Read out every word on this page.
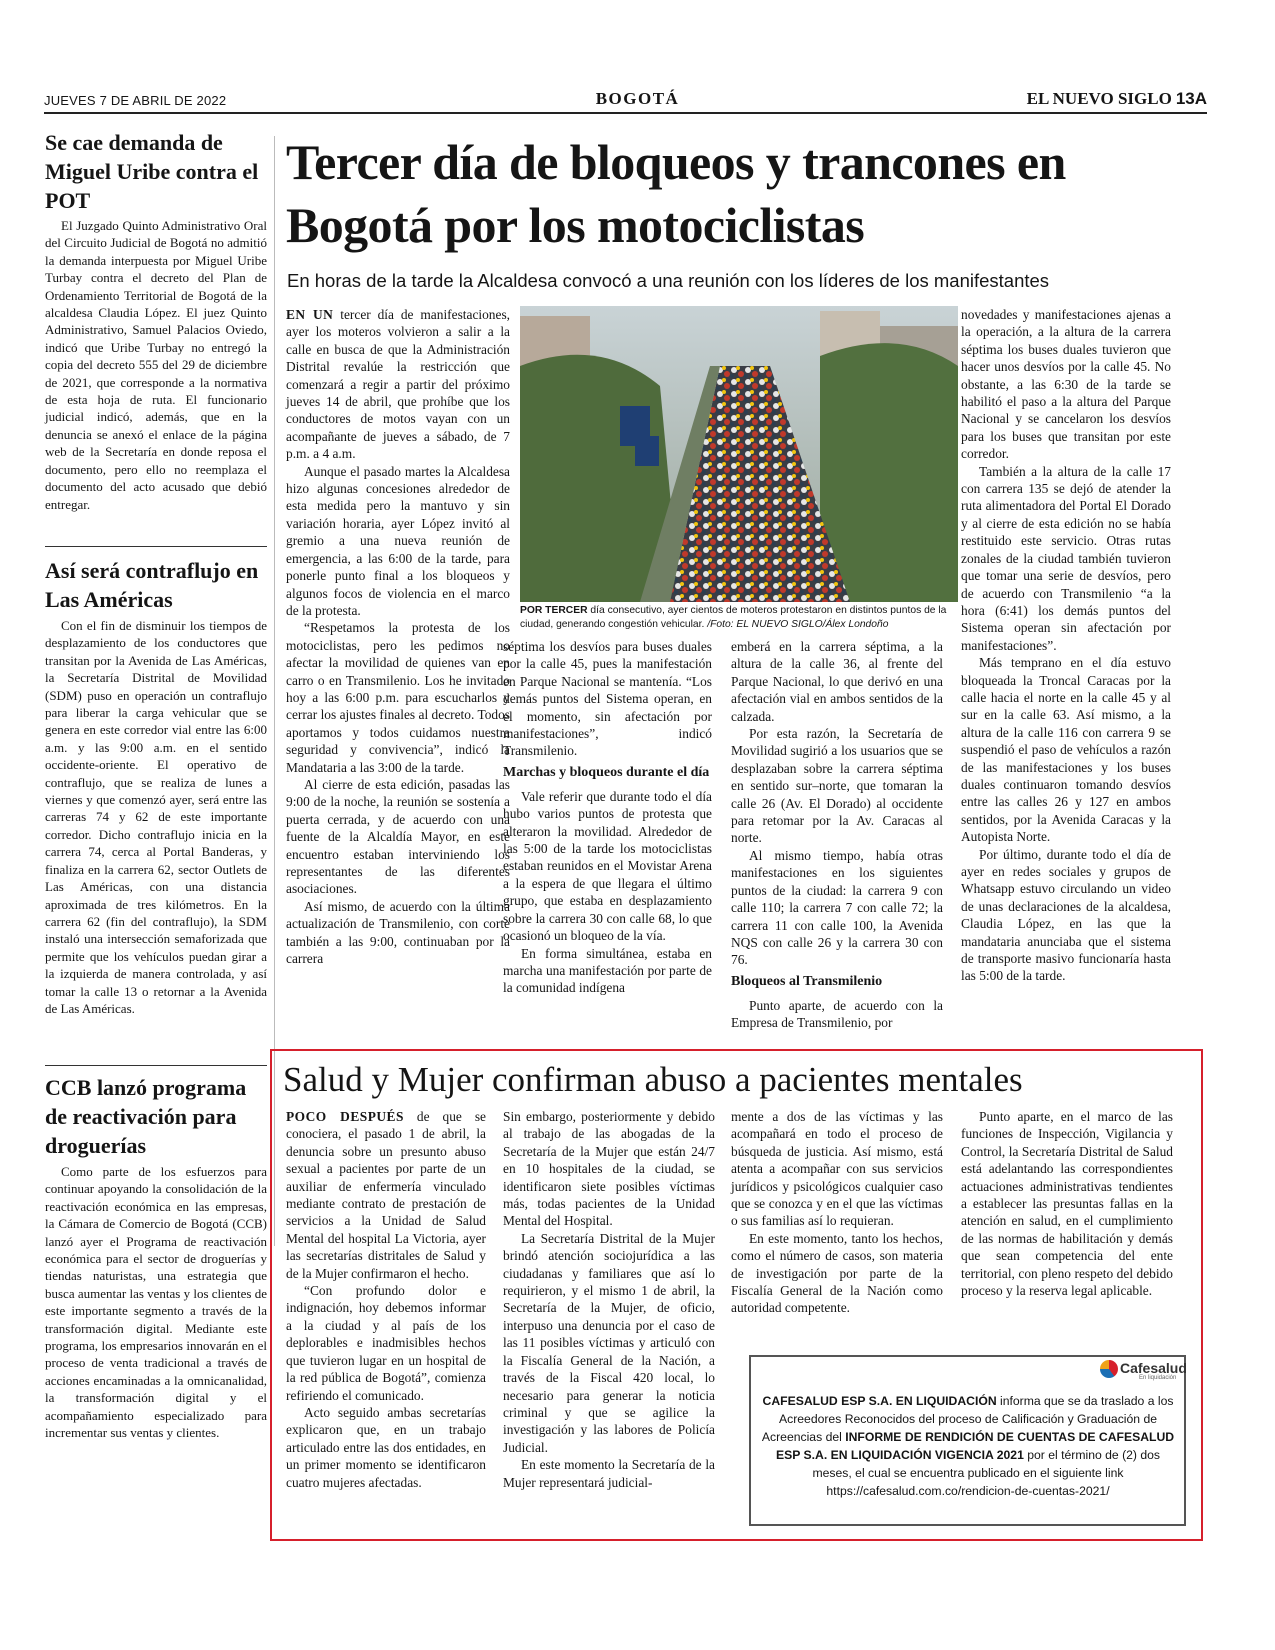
JUEVES 7 DE ABRIL DE 2022	BOGOTÁ	EL NUEVO SIGLO 13A
Se cae demanda de Miguel Uribe contra el POT

El Juzgado Quinto Administrativo Oral del Circuito Judicial de Bogotá no admitió la demanda interpuesta por Miguel Uribe Turbay contra el decreto del Plan de Ordenamiento Territorial de Bogotá de la alcaldesa Claudia López. El juez Quinto Administrativo, Samuel Palacios Oviedo, indicó que Uribe Turbay no entregó la copia del decreto 555 del 29 de diciembre de 2021, que corresponde a la normativa de esta hoja de ruta. El funcionario judicial indicó, además, que en la denuncia se anexó el enlace de la página web de la Secretaría en donde reposa el documento, pero ello no reemplaza el documento del acto acusado que debió entregar.

Así será contraflujo en Las Américas

Con el fin de disminuir los tiempos de desplazamiento de los conductores que transitan por la Avenida de Las Américas, la Secretaría Distrital de Movilidad (SDM) puso en operación un contraflujo para liberar la carga vehicular que se genera en este corredor vial entre las 6:00 a.m. y las 9:00 a.m. en el sentido occidente-oriente. El operativo de contraflujo, que se realiza de lunes a viernes y que comenzó ayer, será entre las carreras 74 y 62 de este importante corredor. Dicho contraflujo inicia en la carrera 74, cerca al Portal Banderas, y finaliza en la carrera 62, sector Outlets de Las Américas, con una distancia aproximada de tres kilómetros. En la carrera 62 (fin del contraflujo), la SDM instaló una intersección semaforizada que permite que los vehículos puedan girar a la izquierda de manera controlada, y así tomar la calle 13 o retornar a la Avenida de Las Américas.

CCB lanzó programa de reactivación para droguerías

Como parte de los esfuerzos para continuar apoyando la consolidación de la reactivación económica en las empresas, la Cámara de Comercio de Bogotá (CCB) lanzó ayer el Programa de reactivación económica para el sector de droguerías y tiendas naturistas, una estrategia que busca aumentar las ventas y los clientes de este importante segmento a través de la transformación digital. Mediante este programa, los empresarios innovarán en el proceso de venta tradicional a través de acciones encaminadas a la omnicanalidad, la transformación digital y el acompañamiento especializado para incrementar sus ventas y clientes.

Tercer día de bloqueos y trancones en Bogotá por los motociclistas
En horas de la tarde la Alcaldesa convocó a una reunión con los líderes de los manifestantes

EN UN tercer día de manifestaciones, ayer los moteros volvieron a salir a la calle en busca de que la Administración Distrital revalúe la restricción que comenzará a regir a partir del próximo jueves 14 de abril, que prohíbe que los conductores de motos vayan con un acompañante de jueves a sábado, de 7 p.m. a 4 a.m.

Aunque el pasado martes la Alcaldesa hizo algunas concesiones alrededor de esta medida pero la mantuvo y sin variación horaria, ayer López invitó al gremio a una nueva reunión de emergencia, a las 6:00 de la tarde, para ponerle punto final a los bloqueos y algunos focos de violencia en el marco de la protesta.

“Respetamos la protesta de los motociclistas, pero les pedimos no afectar la movilidad de quienes van en carro o en Transmilenio. Los he invitado hoy a las 6:00 p.m. para escucharlos y cerrar los ajustes finales al decreto. Todos aportamos y todos cuidamos nuestra seguridad y convivencia”, indicó la Mandataria a las 3:00 de la tarde.

Al cierre de esta edición, pasadas las 9:00 de la noche, la reunión se sostenía a puerta cerrada, y de acuerdo con una fuente de la Alcaldía Mayor, en este encuentro estaban interviniendo los representantes de las diferentes asociaciones.

Así mismo, de acuerdo con la última actualización de Transmilenio, con corte también a las 9:00, continuaban por la carrera

POR TERCER día consecutivo, ayer cientos de moteros protestaron en distintos puntos de la ciudad, generando congestión vehicular. /Foto: EL NUEVO SIGLO/Álex Londoño

séptima los desvíos para buses duales por la calle 45, pues la manifestación en Parque Nacional se mantenía. “Los demás puntos del Sistema operan, en el momento, sin afectación por manifestaciones”, indicó Transmilenio.

Marchas y bloqueos durante el día

Vale referir que durante todo el día hubo varios puntos de protesta que alteraron la movilidad. Alrededor de las 5:00 de la tarde los motociclistas estaban reunidos en el Movistar Arena a la espera de que llegara el último grupo, que estaba en desplazamiento sobre la carrera 30 con calle 68, lo que ocasionó un bloqueo de la vía.

En forma simultánea, estaba en marcha una manifestación por parte de la comunidad indígena

emberá en la carrera séptima, a la altura de la calle 36, al frente del Parque Nacional, lo que derivó en una afectación vial en ambos sentidos de la calzada.

Por esta razón, la Secretaría de Movilidad sugirió a los usuarios que se desplazaban sobre la carrera séptima en sentido sur–norte, que tomaran la calle 26 (Av. El Dorado) al occidente para retomar por la Av. Caracas al norte.

Al mismo tiempo, había otras manifestaciones en los siguientes puntos de la ciudad: la carrera 9 con calle 110; la carrera 7 con calle 72; la carrera 11 con calle 100, la Avenida NQS con calle 26 y la carrera 30 con 76.

Bloqueos al Transmilenio

Punto aparte, de acuerdo con la Empresa de Transmilenio, por

novedades y manifestaciones ajenas a la operación, a la altura de la carrera séptima los buses duales tuvieron que hacer unos desvíos por la calle 45. No obstante, a las 6:30 de la tarde se habilitó el paso a la altura del Parque Nacional y se cancelaron los desvíos para los buses que transitan por este corredor.

También a la altura de la calle 17 con carrera 135 se dejó de atender la ruta alimentadora del Portal El Dorado y al cierre de esta edición no se había restituido este servicio. Otras rutas zonales de la ciudad también tuvieron que tomar una serie de desvíos, pero de acuerdo con Transmilenio “a la hora (6:41) los demás puntos del Sistema operan sin afectación por manifestaciones”.

Más temprano en el día estuvo bloqueada la Troncal Caracas por la calle hacia el norte en la calle 45 y al sur en la calle 63. Así mismo, a la altura de la calle 116 con carrera 9 se suspendió el paso de vehículos a razón de las manifestaciones y los buses duales continuaron tomando desvíos entre las calles 26 y 127 en ambos sentidos, por la Avenida Caracas y la Autopista Norte.

Por último, durante todo el día de ayer en redes sociales y grupos de Whatsapp estuvo circulando un video de unas declaraciones de la alcaldesa, Claudia López, en las que la mandataria anunciaba que el sistema de transporte masivo funcionaría hasta las 5:00 de la tarde.

Salud y Mujer confirman abuso a pacientes mentales

POCO DESPUÉS de que se conociera, el pasado 1 de abril, la denuncia sobre un presunto abuso sexual a pacientes por parte de un auxiliar de enfermería vinculado mediante contrato de prestación de servicios a la Unidad de Salud Mental del hospital La Victoria, ayer las secretarías distritales de Salud y de la Mujer confirmaron el hecho.

“Con profundo dolor e indignación, hoy debemos informar a la ciudad y al país de los deplorables e inadmisibles hechos que tuvieron lugar en un hospital de la red pública de Bogotá”, comienza refiriendo el comunicado.

Acto seguido ambas secretarías explicaron que, en un trabajo articulado entre las dos entidades, en un primer momento se identificaron cuatro mujeres afectadas.

Sin embargo, posteriormente y debido al trabajo de las abogadas de la Secretaría de la Mujer que están 24/7 en 10 hospitales de la ciudad, se identificaron siete posibles víctimas más, todas pacientes de la Unidad Mental del Hospital.

La Secretaría Distrital de la Mujer brindó atención sociojurídica a las ciudadanas y familiares que así lo requirieron, y el mismo 1 de abril, la Secretaría de la Mujer, de oficio, interpuso una denuncia por el caso de las 11 posibles víctimas y articuló con la Fiscalía General de la Nación, a través de la Fiscal 420 local, lo necesario para generar la noticia criminal y que se agilice la investigación y las labores de Policía Judicial.

En este momento la Secretaría de la Mujer representará judicial-

mente a dos de las víctimas y las acompañará en todo el proceso de búsqueda de justicia. Así mismo, está atenta a acompañar con sus servicios jurídicos y psicológicos cualquier caso que se conozca y en el que las víctimas o sus familias así lo requieran.

En este momento, tanto los hechos, como el número de casos, son materia de investigación por parte de la Fiscalía General de la Nación como autoridad competente.

Punto aparte, en el marco de las funciones de Inspección, Vigilancia y Control, la Secretaría Distrital de Salud está adelantando las correspondientes actuaciones administrativas tendientes a establecer las presuntas fallas en la atención en salud, en el cumplimiento de las normas de habilitación y demás que sean competencia del ente territorial, con pleno respeto del debido proceso y la reserva legal aplicable.

Cafesalud
En liquidación
CAFESALUD ESP S.A. EN LIQUIDACIÓN informa que se da traslado a los Acreedores Reconocidos del proceso de Calificación y Graduación de Acreencias del INFORME DE RENDICIÓN DE CUENTAS DE CAFESALUD ESP S.A. EN LIQUIDACIÓN VIGENCIA 2021 por el término de (2) dos meses, el cual se encuentra publicado en el siguiente link
https://cafesalud.com.co/rendicion-de-cuentas-2021/
